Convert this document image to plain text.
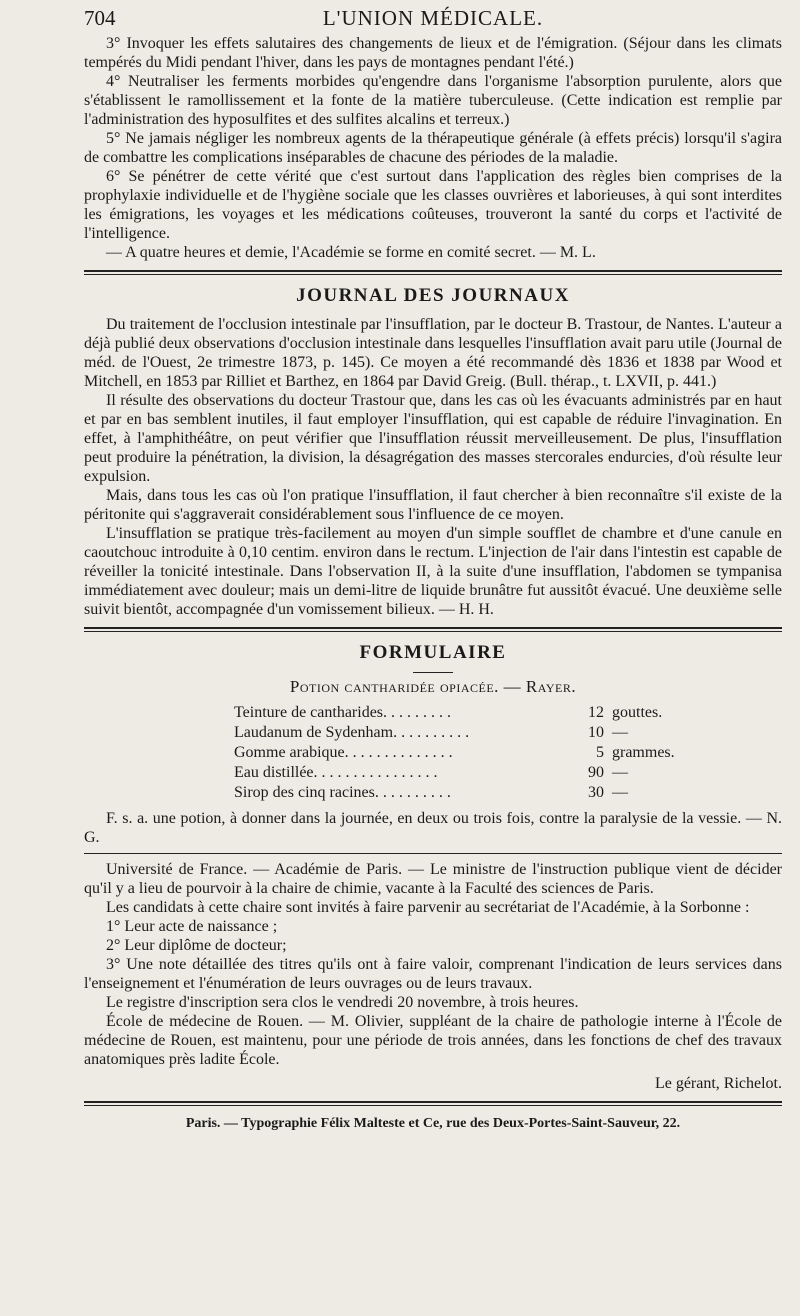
704	L'UNION MÉDICALE.

3° Invoquer les effets salutaires des changements de lieux et de l'émigration. (Séjour dans les climats tempérés du Midi pendant l'hiver, dans les pays de montagnes pendant l'été.)

4° Neutraliser les ferments morbides qu'engendre dans l'organisme l'absorption purulente, alors que s'établissent le ramollissement et la fonte de la matière tuberculeuse. (Cette indication est remplie par l'administration des hyposulfites et des sulfites alcalins et terreux.)

5° Ne jamais négliger les nombreux agents de la thérapeutique générale (à effets précis) lorsqu'il s'agira de combattre les complications inséparables de chacune des périodes de la maladie.

6° Se pénétrer de cette vérité que c'est surtout dans l'application des règles bien comprises de la prophylaxie individuelle et de l'hygiène sociale que les classes ouvrières et laborieuses, à qui sont interdites les émigrations, les voyages et les médications coûteuses, trouveront la santé du corps et l'activité de l'intelligence.

— A quatre heures et demie, l'Académie se forme en comité secret. — M. L.

JOURNAL DES JOURNAUX

Du traitement de l'occlusion intestinale par l'insufflation, par le docteur B. Trastour, de Nantes. L'auteur a déjà publié deux observations d'occlusion intestinale dans lesquelles l'insufflation avait paru utile (Journal de méd. de l'Ouest, 2e trimestre 1873, p. 145). Ce moyen a été recommandé dès 1836 et 1838 par Wood et Mitchell, en 1853 par Rilliet et Barthez, en 1864 par David Greig. (Bull. thérap., t. LXVII, p. 441.)

Il résulte des observations du docteur Trastour que, dans les cas où les évacuants administrés par en haut et par en bas semblent inutiles, il faut employer l'insufflation, qui est capable de réduire l'invagination. En effet, à l'amphithéâtre, on peut vérifier que l'insufflation réussit merveilleusement. De plus, l'insufflation peut produire la pénétration, la division, la désagrégation des masses stercorales endurcies, d'où résulte leur expulsion.

Mais, dans tous les cas où l'on pratique l'insufflation, il faut chercher à bien reconnaître s'il existe de la péritonite qui s'aggraverait considérablement sous l'influence de ce moyen.

L'insufflation se pratique très-facilement au moyen d'un simple soufflet de chambre et d'une canule en caoutchouc introduite à 0,10 centim. environ dans le rectum. L'injection de l'air dans l'intestin est capable de réveiller la tonicité intestinale. Dans l'observation II, à la suite d'une insufflation, l'abdomen se tympanisa immédiatement avec douleur; mais un demi-litre de liquide brunâtre fut aussitôt évacué. Une deuxième selle suivit bientôt, accompagnée d'un vomissement bilieux. — H. H.

FORMULAIRE
Potion cantharidée opiacée. — Rayer.
Teinture de cantharides. . . . . . . . .	12 gouttes.
Laudanum de Sydenham. . . . . . . . . .	10 —
Gomme arabique. . . . . . . . . . . . . .	5 grammes.
Eau distillée. . . . . . . . . . . . . . . .	90 —
Sirop des cinq racines. . . . . . . . . .	30 —

F. s. a. une potion, à donner dans la journée, en deux ou trois fois, contre la paralysie de la vessie. — N. G.

Université de France. — Académie de Paris. — Le ministre de l'instruction publique vient de décider qu'il y a lieu de pourvoir à la chaire de chimie, vacante à la Faculté des sciences de Paris.

Les candidats à cette chaire sont invités à faire parvenir au secrétariat de l'Académie, à la Sorbonne :

1° Leur acte de naissance ;

2° Leur diplôme de docteur;

3° Une note détaillée des titres qu'ils ont à faire valoir, comprenant l'indication de leurs services dans l'enseignement et l'énumération de leurs ouvrages ou de leurs travaux.

Le registre d'inscription sera clos le vendredi 20 novembre, à trois heures.

École de médecine de Rouen. — M. Olivier, suppléant de la chaire de pathologie interne à l'École de médecine de Rouen, est maintenu, pour une période de trois années, dans les fonctions de chef des travaux anatomiques près ladite École.

Le gérant, Richelot.
Paris. — Typographie Félix Malteste et Ce, rue des Deux-Portes-Saint-Sauveur, 22.
